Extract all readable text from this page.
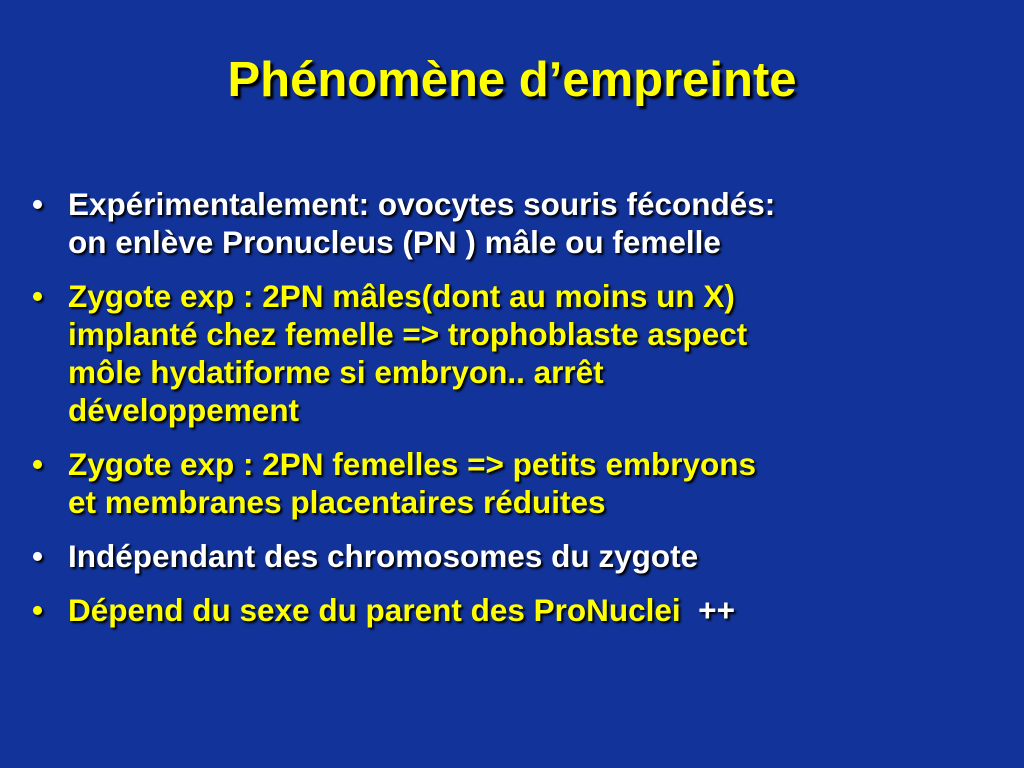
Phénomène d’empreinte
• Expérimentalement: ovocytes souris fécondés:
on enlève Pronucleus (PN ) mâle ou femelle
• Zygote exp : 2PN mâles(dont au moins un X)
implanté chez femelle => trophoblaste aspect
môle hydatiforme si embryon.. arrêt
développement
• Zygote exp : 2PN femelles => petits embryons
et membranes placentaires réduites
• Indépendant des chromosomes du zygote
• Dépend du sexe du parent des ProNuclei  ++
